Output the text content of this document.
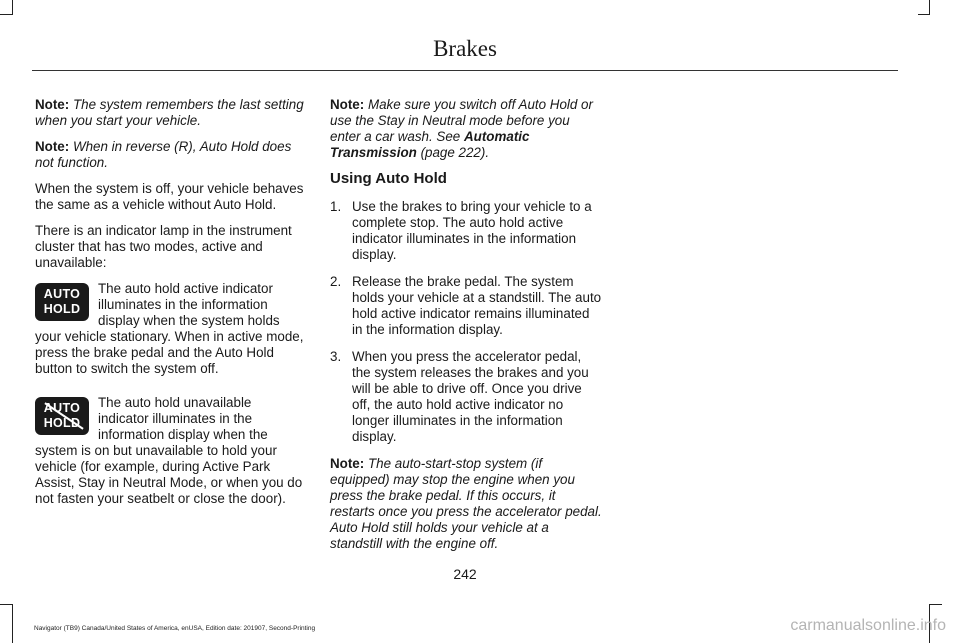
Brakes

Note: The system remembers the last setting when you start your vehicle.

Note: When in reverse (R), Auto Hold does not function.

When the system is off, your vehicle behaves the same as a vehicle without Auto Hold.

There is an indicator lamp in the instrument cluster that has two modes, active and unavailable:

AUTO
HOLD
The auto hold active indicator illuminates in the information display when the system holds your vehicle stationary. When in active mode, press the brake pedal and the Auto Hold button to switch the system off.
AUTO
HOLD
The auto hold unavailable indicator illuminates in the information display when the system is on but unavailable to hold your vehicle (for example, during Active Park Assist, Stay in Neutral Mode, or when you do not fasten your seatbelt or close the door).

Note: Make sure you switch off Auto Hold or use the Stay in Neutral mode before you enter a car wash. See Automatic Transmission (page 222).

Using Auto Hold
1. Use the brakes to bring your vehicle to a complete stop. The auto hold active indicator illuminates in the information display.
2. Release the brake pedal. The system holds your vehicle at a standstill. The auto hold active indicator remains illuminated in the information display.
3. When you press the accelerator pedal, the system releases the brakes and you will be able to drive off. Once you drive off, the auto hold active indicator no longer illuminates in the information display.

Note: The auto-start-stop system (if equipped) may stop the engine when you press the brake pedal. If this occurs, it restarts once you press the accelerator pedal. Auto Hold still holds your vehicle at a standstill with the engine off.

242
Navigator (TB9) Canada/United States of America, enUSA, Edition date: 201907, Second-Printing	carmanualsonline.info
